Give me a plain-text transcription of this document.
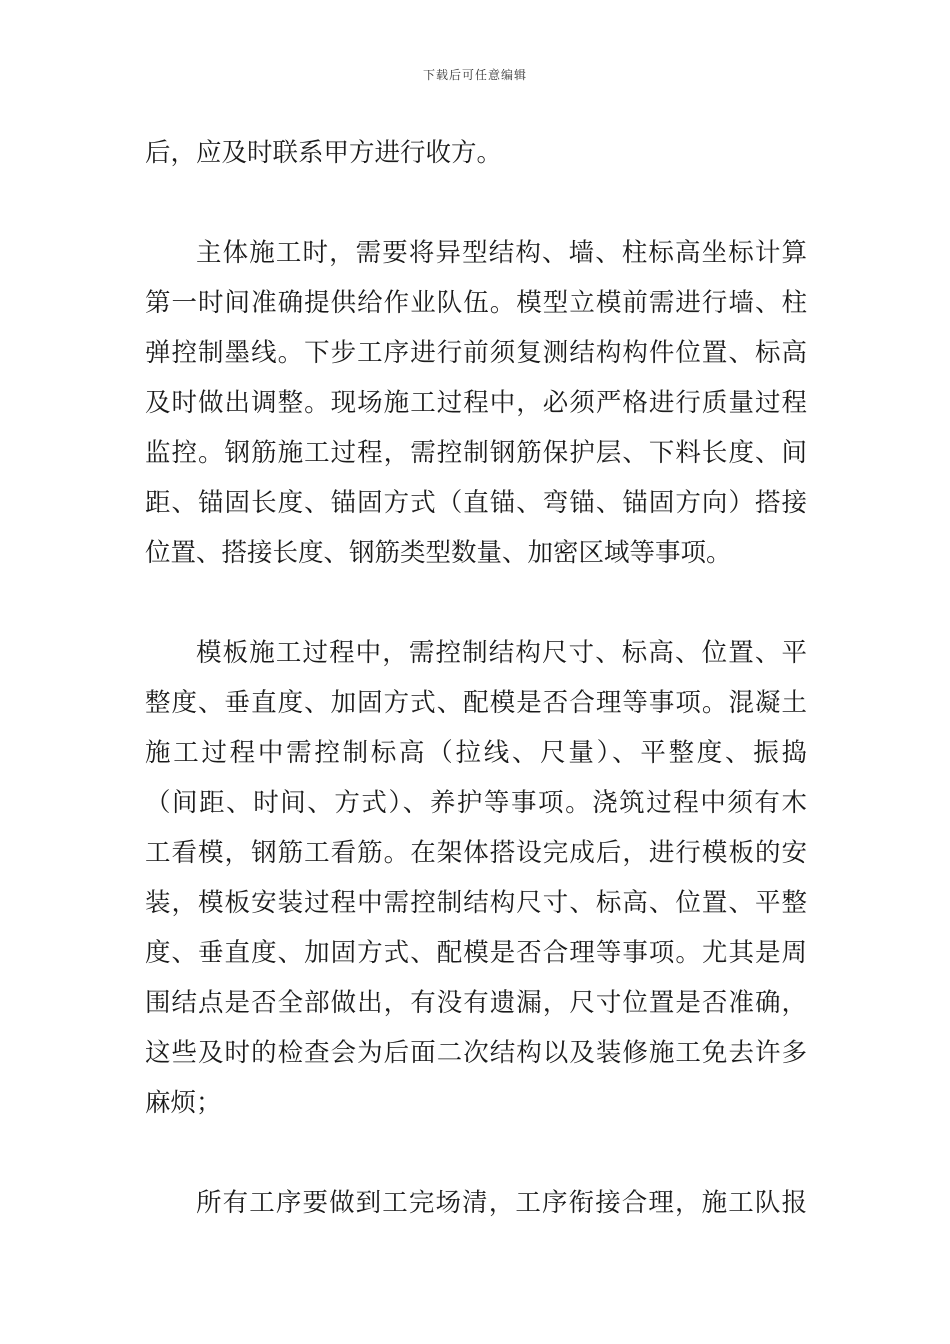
下载后可任意编辑
后，应及时联系甲方进行收方。
主体施工时，需要将异型结构、墙、柱标高坐标计算
第一时间准确提供给作业队伍。模型立模前需进行墙、柱
弹控制墨线。下步工序进行前须复测结构构件位置、标高
及时做出调整。现场施工过程中，必须严格进行质量过程
监控。钢筋施工过程，需控制钢筋保护层、下料长度、间
距、锚固长度、锚固方式（直锚、弯锚、锚固方向）搭接
位置、搭接长度、钢筋类型数量、加密区域等事项。
模板施工过程中，需控制结构尺寸、标高、位置、平
整度、垂直度、加固方式、配模是否合理等事项。混凝土
施工过程中需控制标高（拉线、尺量）、平整度、振捣
（间距、时间、方式）、养护等事项。浇筑过程中须有木
工看模，钢筋工看筋。在架体搭设完成后，进行模板的安
装，模板安装过程中需控制结构尺寸、标高、位置、平整
度、垂直度、加固方式、配模是否合理等事项。尤其是周
围结点是否全部做出，有没有遗漏，尺寸位置是否准确，
这些及时的检查会为后面二次结构以及装修施工免去许多
麻烦；
所有工序要做到工完场清，工序衔接合理，施工队报
